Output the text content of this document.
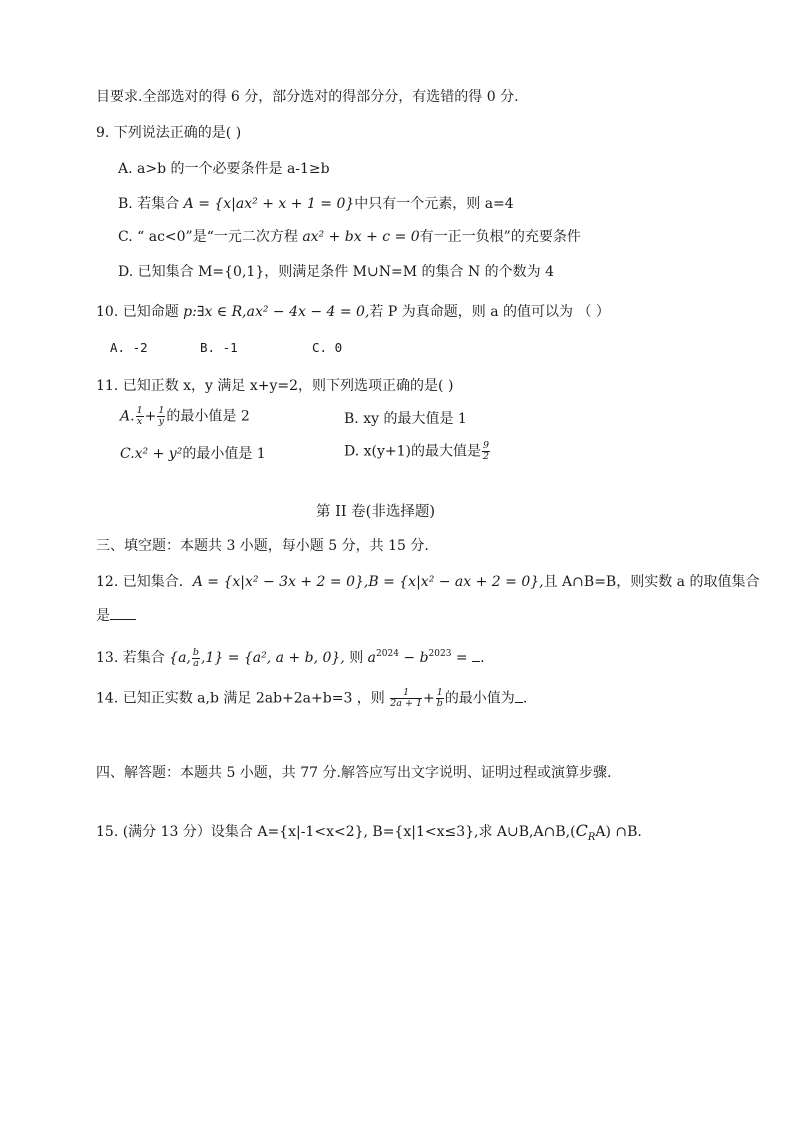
目要求.全部选对的得 6 分，部分选对的得部分分，有选错的得 0 分.
9. 下列说法正确的是( )
A. a>b 的一个必要条件是 a-1≥b
B. 若集合 A = {x|ax² + x + 1 = 0}中只有一个元素，则 a=4
C. “ ac<0”是“一元二次方程 ax² + bx + c = 0有一正一负根”的充要条件
D. 已知集合 M={0,1}，则满足条件 M∪N=M 的集合 N 的个数为 4
10. 已知命题 p:∃x ∈ R,ax² − 4x − 4 = 0,若 P 为真命题，则 a 的值可以为 （ ）
A. -2	B. -1	C. 0
11. 已知正数 x，y 满足 x+y=2，则下列选项正确的是( )
A. $\frac{1}{x} + \frac{1}{y}$ 的最小值是 2	B. xy 的最大值是 1
C.x² + y²的最小值是 1	D. x(y+1)的最大值是 $\frac{9}{2}$
第 II 卷(非选择题)
三、填空题：本题共 3 小题，每小题 5 分，共 15 分.
12. 已知集合．A = {x|x² − 3x + 2 = 0},B = {x|x² − ax + 2 = 0},且 A∩B=B，则实数 a 的取值集合
是
13. 若集合 {a, $\frac{b}{a} ,1\} = \{a^2$, a + b, 0}, 则 $a^{2024} - b^{2023}$ = .
14. 已知正实数 a,b 满足 2ab+2a+b=3 ，则 $\frac{1}{2a + 1} + \frac{1}{b}$ 的最小值为 .
四、解答题：本题共 5 小题，共 77 分.解答应写出文字说明、证明过程或演算步骤.
15. (满分 13 分）设集合 A={x|-1<x<2}, B={x|1<x≤3},求 $A\cup B,A\cap B,(C_RA)$ ∩B.
